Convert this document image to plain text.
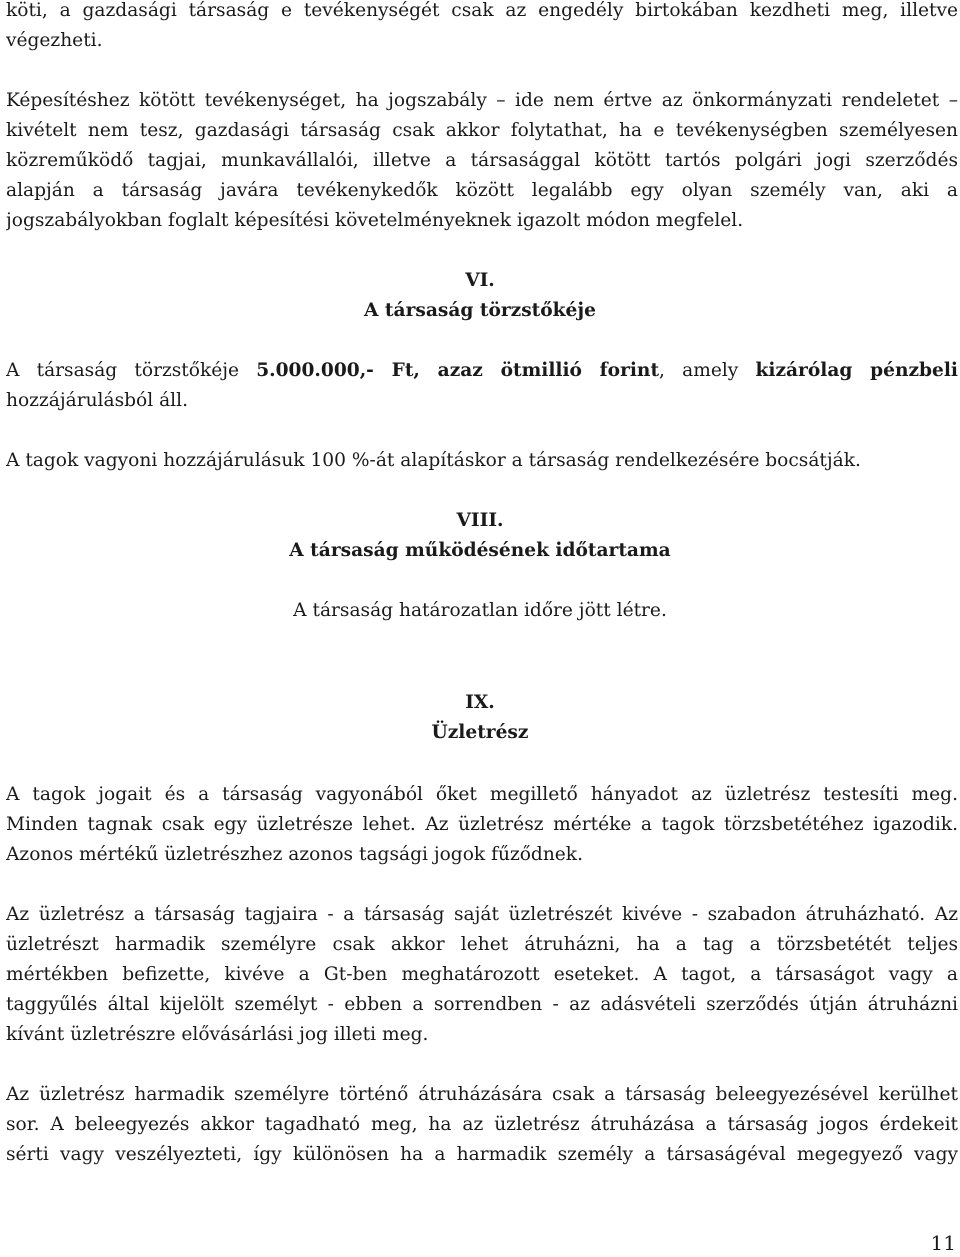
köti, a gazdasági társaság e tevékenységét csak az engedély birtokában kezdheti meg, illetve
végezheti.
Képesítéshez kötött tevékenységet, ha jogszabály – ide nem értve az önkormányzati rendeletet –
kivételt nem tesz, gazdasági társaság csak akkor folytathat, ha e tevékenységben személyesen
közreműködő tagjai, munkavállalói, illetve a társasággal kötött tartós polgári jogi szerződés
alapján a társaság javára tevékenykedők között legalább egy olyan személy van, aki a
jogszabályokban foglalt képesítési követelményeknek igazolt módon megfelel.
VI.
A társaság törzstőkéje
A társaság törzstőkéje 5.000.000,- Ft, azaz ötmillió forint, amely kizárólag pénzbeli
hozzájárulásból áll.
A tagok vagyoni hozzájárulásuk 100 %-át alapításkor a társaság rendelkezésére bocsátják.
VIII.
A társaság működésének időtartama
A társaság határozatlan időre jött létre.
IX.
Üzletrész
A tagok jogait és a társaság vagyonából őket megillető hányadot az üzletrész testesíti meg.
Minden tagnak csak egy üzletrésze lehet. Az üzletrész mértéke a tagok törzsbetétéhez igazodik.
Azonos mértékű üzletrészhez azonos tagsági jogok fűződnek.
Az üzletrész a társaság tagjaira - a társaság saját üzletrészét kivéve - szabadon átruházható. Az
üzletrészt harmadik személyre csak akkor lehet átruházni, ha a tag a törzsbetétét teljes
mértékben befizette, kivéve a Gt-ben meghatározott eseteket. A tagot, a társaságot vagy a
taggyűlés által kijelölt személyt - ebben a sorrendben - az adásvételi szerződés útján átruházni
kívánt üzletrészre elővásárlási jog illeti meg.
Az üzletrész harmadik személyre történő átruházására csak a társaság beleegyezésével kerülhet
sor. A beleegyezés akkor tagadható meg, ha az üzletrész átruházása a társaság jogos érdekeit
sérti vagy veszélyezteti, így különösen ha a harmadik személy a társaságéval megegyező vagy
11
